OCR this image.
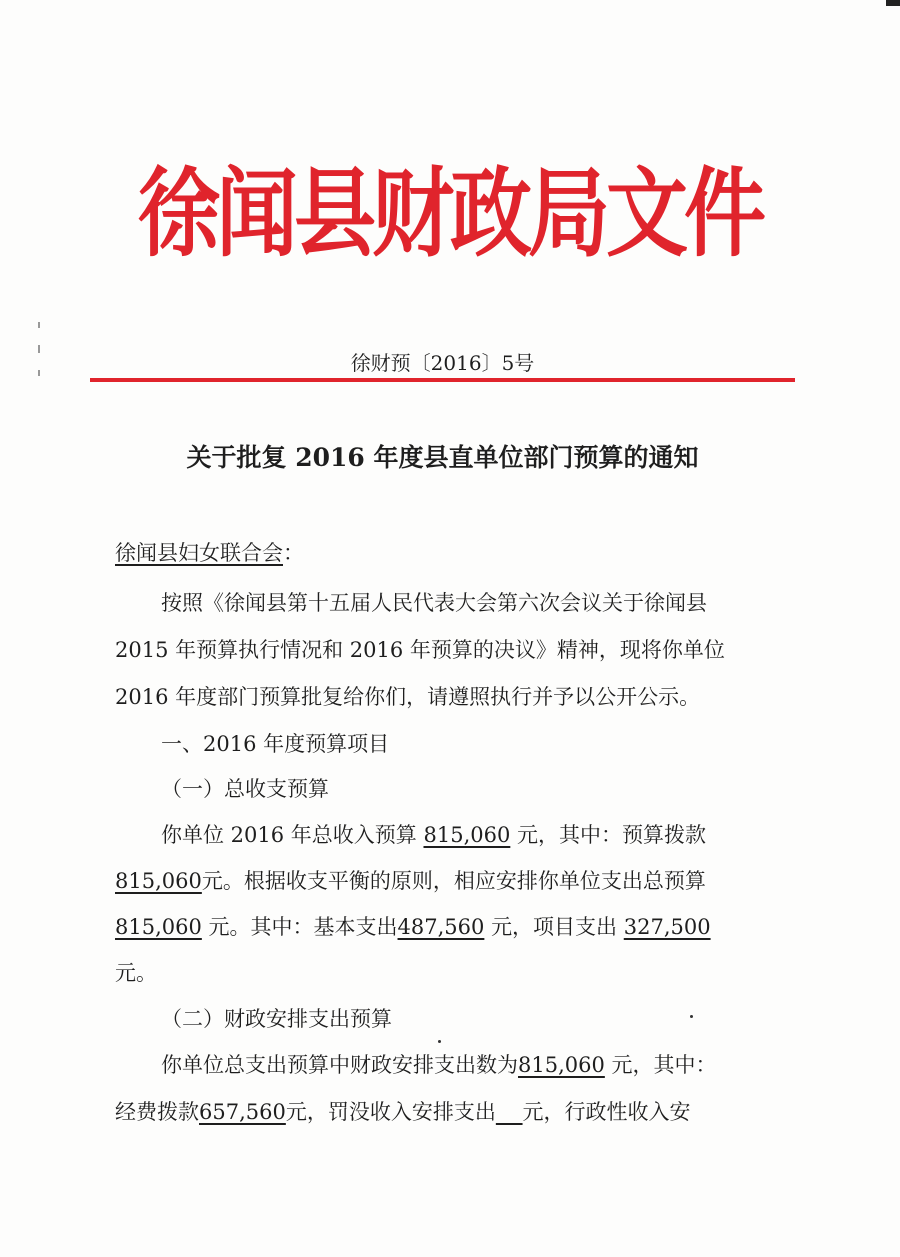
徐闻县财政局文件
徐财预〔2016〕5号
关于批复 2016 年度县直单位部门预算的通知
徐闻县妇女联合会：
按照《徐闻县第十五届人民代表大会第六次会议关于徐闻县
2015 年预算执行情况和 2016 年预算的决议》精神，现将你单位
2016 年度部门预算批复给你们，请遵照执行并予以公开公示。
一、2016 年度预算项目
（一）总收支预算
你单位 2016 年总收入预算 815,060 元，其中：预算拨款
815,060元。根据收支平衡的原则，相应安排你单位支出总预算
815,060 元。其中：基本支出487,560 元，项目支出 327,500
元。
（二）财政安排支出预算
你单位总支出预算中财政安排支出数为815,060 元，其中：
经费拨款657,560元，罚没收入安排支出 元，行政性收入安
